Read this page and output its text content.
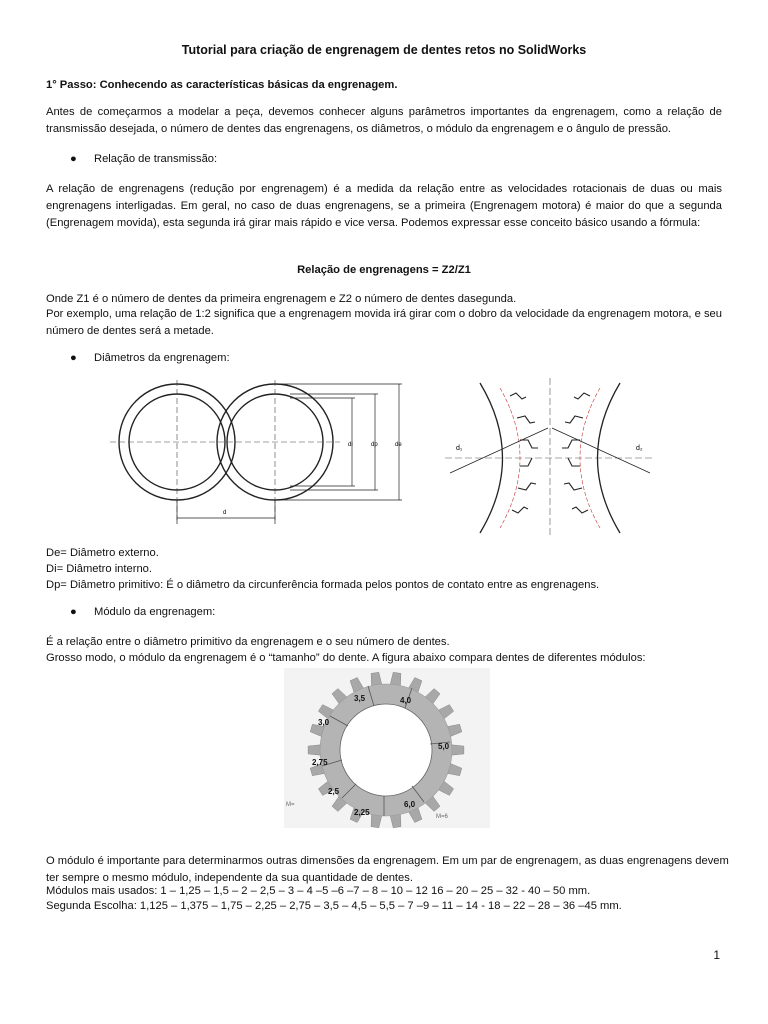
Tutorial para criação de engrenagem de dentes retos no SolidWorks
1° Passo: Conhecendo as características básicas da engrenagem.
Antes de começarmos a modelar a peça, devemos conhecer alguns parâmetros importantes da engrenagem, como a relação de transmissão desejada, o número de dentes das engrenagens, os diâmetros, o módulo da engrenagem e o ângulo de pressão.
● Relação de transmissão:
A relação de engrenagens (redução por engrenagem) é a medida da relação entre as velocidades rotacionais de duas ou mais engrenagens interligadas. Em geral, no caso de duas engrenagens, se a primeira (Engrenagem motora) é maior do que a segunda (Engrenagem movida), esta segunda irá girar mais rápido e vice versa. Podemos expressar esse conceito básico usando a fórmula:
Relação de engrenagens = Z2/Z1
Onde Z1 é o número de dentes da primeira engrenagem e Z2 o número de dentes dasegunda.
Por exemplo, uma relação de 1:2 significa que a engrenagem movida irá girar com o dobro da velocidade da engrenagem motora, e seu número de dentes será a metade.
● Diâmetros da engrenagem:
di	dp	de
d
d₁	d₂
De= Diâmetro externo.
Di= Diâmetro interno.
Dp= Diâmetro primitivo: É o diâmetro da circunferência formada pelos pontos de contato entre as engrenagens.
● Módulo da engrenagem:
É a relação entre o diâmetro primitivo da engrenagem e o seu número de dentes.
Grosso modo, o módulo da engrenagem é o “tamanho” do dente. A figura abaixo compara dentes de diferentes módulos:
3,5	4,0
3,0
5,0
2,75
2,5
2,25
6,0
M=
M=6
O módulo é importante para determinarmos outras dimensões da engrenagem. Em um par de engrenagem, as duas engrenagens devem ter sempre o mesmo módulo, independente da sua quantidade de dentes.
Módulos mais usados: 1 – 1,25 – 1,5 – 2 – 2,5 – 3 – 4 –5 –6 –7 – 8 – 10 – 12 16 – 20 – 25 – 32 - 40 – 50 mm.
Segunda Escolha: 1,125 – 1,375 – 1,75 – 2,25 – 2,75 – 3,5 – 4,5 – 5,5 – 7 –9 – 11 – 14 - 18 – 22 – 28 – 36 –45 mm.
1
